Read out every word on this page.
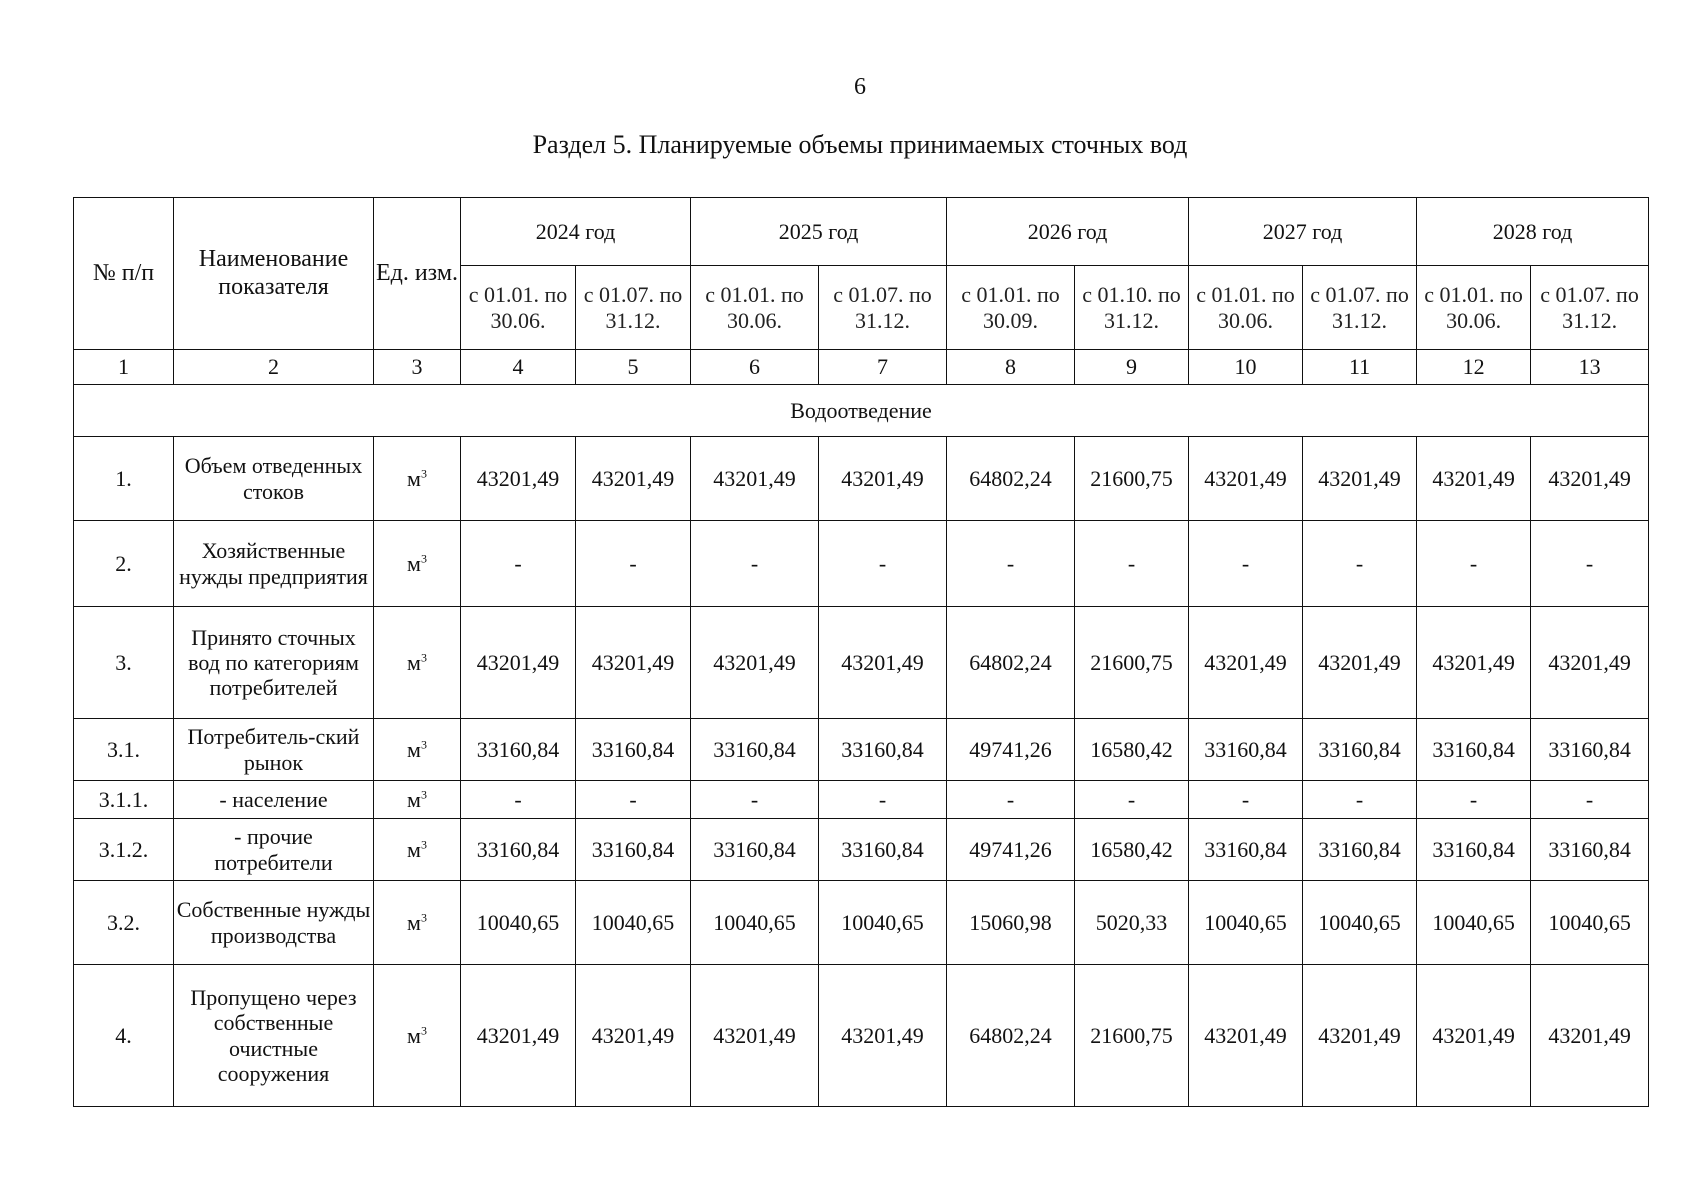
6
Раздел 5. Планируемые объемы принимаемых сточных вод
№ п/п	Наименование показателя	Ед. изм.	2024 год		2025 год		2026 год		2027 год		2028 год	
			с 01.01. по 30.06.	с 01.07. по 31.12.	с 01.01. по 30.06.	с 01.07. по 31.12.	с 01.01. по 30.09.	с 01.10. по 31.12.	с 01.01. по 30.06.	с 01.07. по 31.12.	с 01.01. по 30.06.	с 01.07. по 31.12.
1	2	3	4	5	6	7	8	9	10	11	12	13
Водоотведение												
1.	Объем отведенных стоков	$м^3$	43201,49	43201,49	43201,49	43201,49	64802,24	21600,75	43201,49	43201,49	43201,49	43201,49
2.	Хозяйственные нужды предприятия	$м^3$	-	-	-	-	-	-	-	-	-	-
3.	Принято сточных вод по категориям потребителей	$м^3$	43201,49	43201,49	43201,49	43201,49	64802,24	21600,75	43201,49	43201,49	43201,49	43201,49
3.1.	Потребитель-ский рынок	$м^3$	33160,84	33160,84	33160,84	33160,84	49741,26	16580,42	33160,84	33160,84	33160,84	33160,84
3.1.1.	- население	$м^3$	-	-	-	-	-	-	-	-	-	-
3.1.2.	- прочие потребители	$м^3$	33160,84	33160,84	33160,84	33160,84	49741,26	16580,42	33160,84	33160,84	33160,84	33160,84
3.2.	Собственные нужды производства	$м^3$	10040,65	10040,65	10040,65	10040,65	15060,98	5020,33	10040,65	10040,65	10040,65	10040,65
4.	Пропущено через собственные очистные сооружения	$м^3$	43201,49	43201,49	43201,49	43201,49	64802,24	21600,75	43201,49	43201,49	43201,49	43201,49
